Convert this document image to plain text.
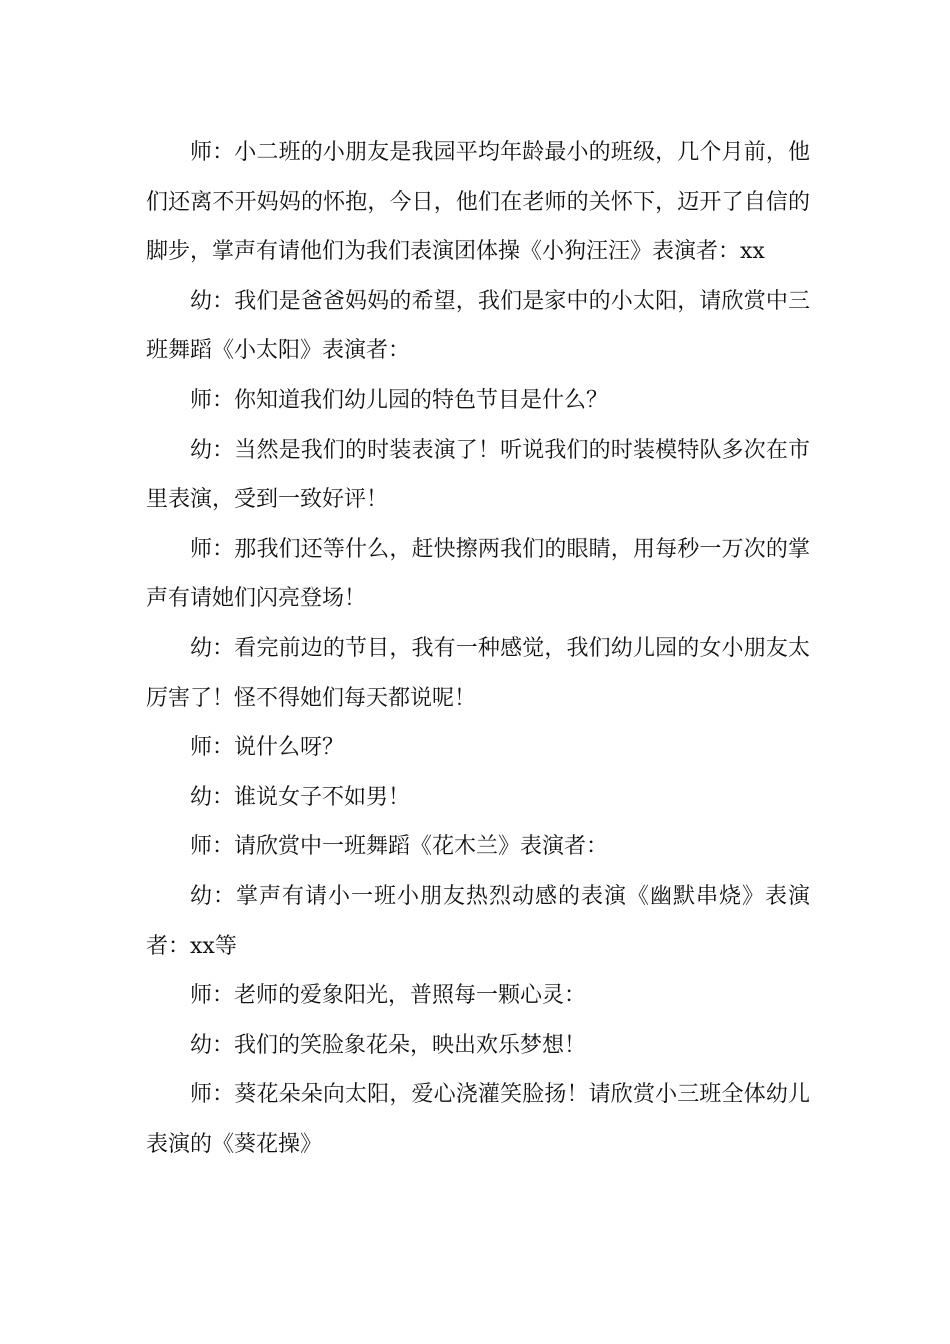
师：小二班的小朋友是我园平均年龄最小的班级，几个月前，他们还离不开妈妈的怀抱，今日，他们在老师的关怀下，迈开了自信的脚步，掌声有请他们为我们表演团体操《小狗汪汪》表演者：xx

幼：我们是爸爸妈妈的希望，我们是家中的小太阳，请欣赏中三班舞蹈《小太阳》表演者：

师：你知道我们幼儿园的特色节目是什么？

幼：当然是我们的时装表演了！听说我们的时装模特队多次在市里表演，受到一致好评！

师：那我们还等什么，赶快擦两我们的眼睛，用每秒一万次的掌声有请她们闪亮登场！

幼：看完前边的节目，我有一种感觉，我们幼儿园的女小朋友太厉害了！怪不得她们每天都说呢！

师：说什么呀？

幼：谁说女子不如男！

师：请欣赏中一班舞蹈《花木兰》表演者：

幼：掌声有请小一班小朋友热烈动感的表演《幽默串烧》表演者：xx等

师：老师的爱象阳光，普照每一颗心灵：

幼：我们的笑脸象花朵，映出欢乐梦想！

师：葵花朵朵向太阳，爱心浇灌笑脸扬！请欣赏小三班全体幼儿表演的《葵花操》
